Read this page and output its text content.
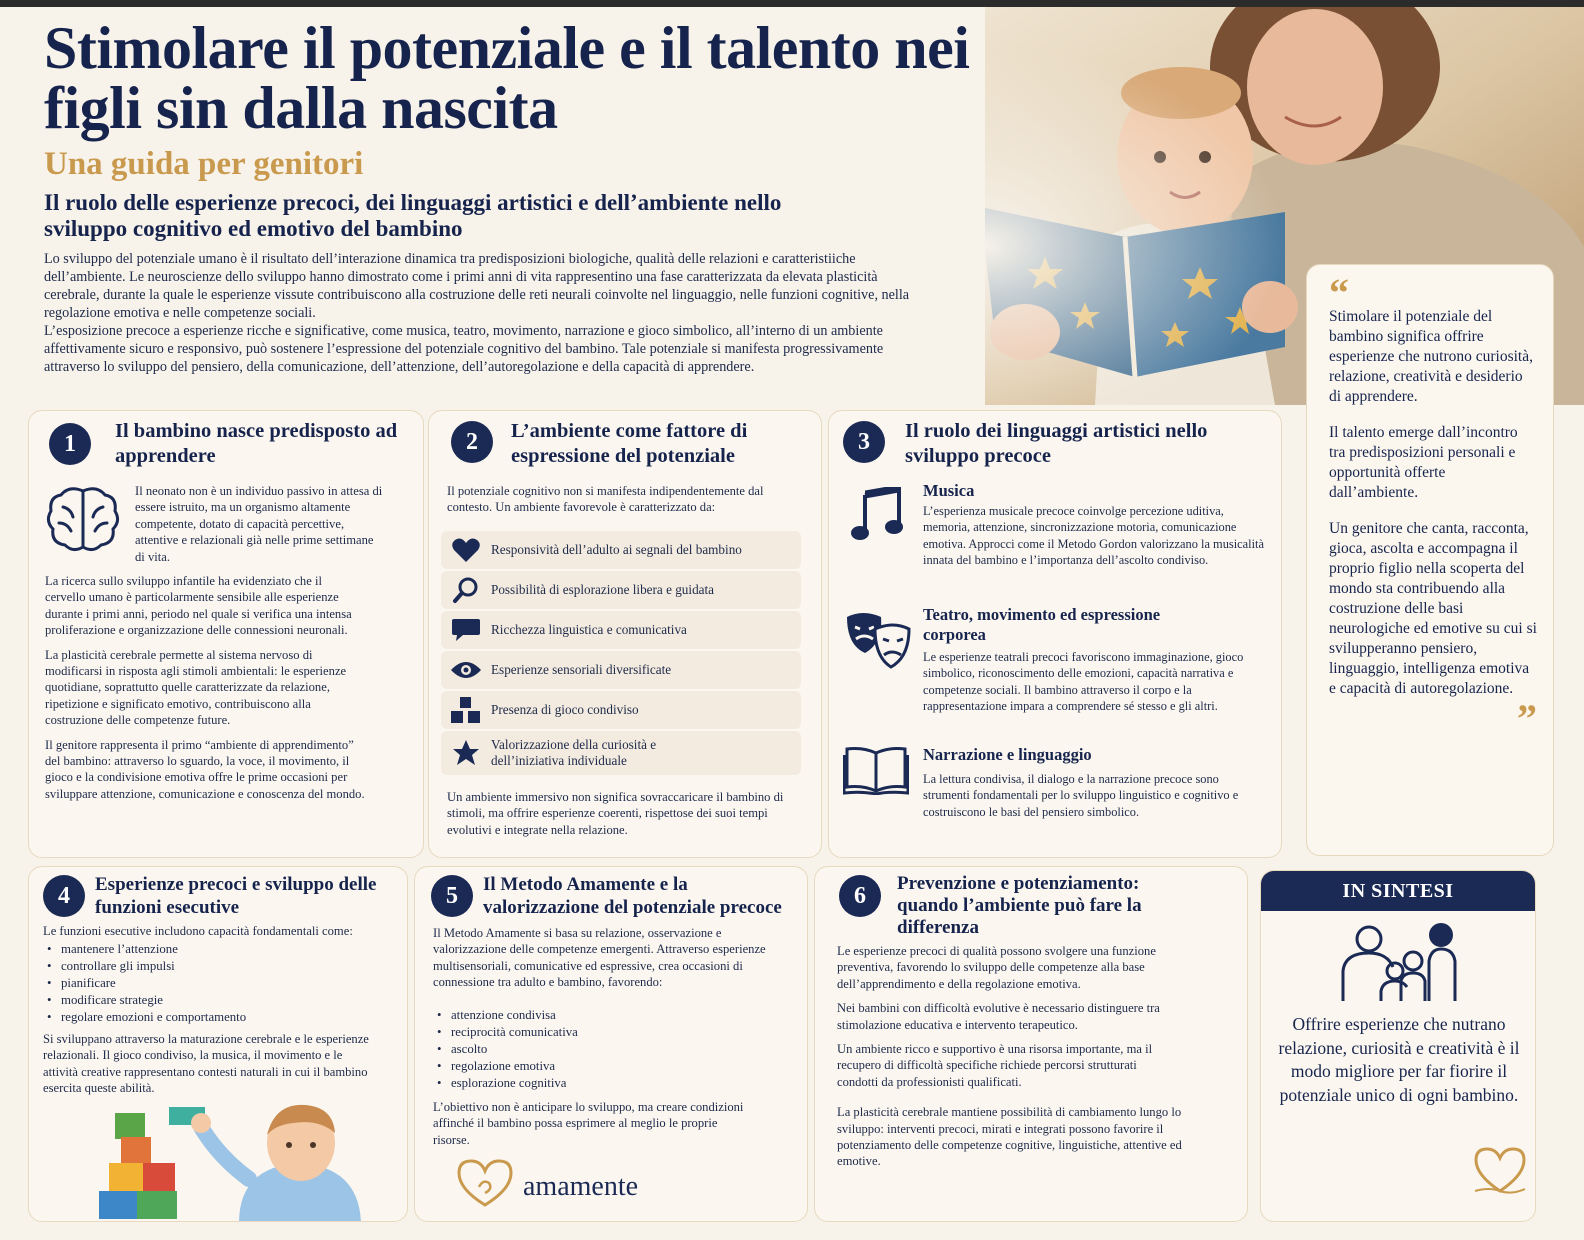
Stimolare il potenziale e il talento nei figli sin dalla nascita
Una guida per genitori
Il ruolo delle esperienze precoci, dei linguaggi artistici e dell’ambiente nello sviluppo cognitivo ed emotivo del bambino

Lo sviluppo del potenziale umano è il risultato dell’interazione dinamica tra predisposizioni biologiche, qualità delle relazioni e caratteristiiche dell’ambiente. Le neuroscienze dello sviluppo hanno dimostrato come i primi anni di vita rappresentino una fase caratterizzata da elevata plasticità cerebrale, durante la quale le esperienze vissute contribuiscono alla costruzione delle reti neurali coinvolte nel linguaggio, nelle funzioni cognitive, nella regolazione emotiva e nelle competenze sociali.

L’esposizione precoce a esperienze ricche e significative, come musica, teatro, movimento, narrazione e gioco simbolico, all’interno di un ambiente affettivamente sicuro e responsivo, può sostenere l’espressione del potenziale cognitivo del bambino. Tale potenziale si manifesta progressivamente attraverso lo sviluppo del pensiero, della comunicazione, dell’attenzione, dell’autoregolazione e della capacità di apprendere.

“

Stimolare il potenziale del bambino significa offrire esperienze che nutrono curiosità, relazione, creatività e desiderio di apprendere.

Il talento emerge dall’incontro tra predisposizioni personali e opportunità offerte dall’ambiente.

Un genitore che canta, racconta, gioca, ascolta e accompagna il proprio figlio nella scoperta del mondo sta contribuendo alla costruzione delle basi neurologiche ed emotive su cui si svilupperanno pensiero, linguaggio, intelligenza emotiva e capacità di autoregolazione.

”
1	Il bambino nasce predisposto ad apprendere
Il neonato non è un individuo passivo in attesa di essere istruito, ma un organismo altamente competente, dotato di capacità percettive, attentive e relazionali già nelle prime settimane di vita.

La ricerca sullo sviluppo infantile ha evidenziato che il cervello umano è particolarmente sensibile alle esperienze durante i primi anni, periodo nel quale si verifica una intensa proliferazione e organizzazione delle connessioni neuronali.

La plasticità cerebrale permette al sistema nervoso di modificarsi in risposta agli stimoli ambientali: le esperienze quotidiane, soprattutto quelle caratterizzate da relazione, ripetizione e significato emotivo, contribuiscono alla costruzione delle competenze future.

Il genitore rappresenta il primo “ambiente di apprendimento” del bambino: attraverso lo sguardo, la voce, il movimento, il gioco e la condivisione emotiva offre le prime occasioni per sviluppare attenzione, comunicazione e conoscenza del mondo.

2	L’ambiente come fattore di espressione del potenziale
Il potenziale cognitivo non si manifesta indipendentemente dal contesto. Un ambiente favorevole è caratterizzato da:
Responsività dell’adulto ai segnali del bambino
Possibilità di esplorazione libera e guidata
Ricchezza linguistica e comunicativa
Esperienze sensoriali diversificate
Presenza di gioco condiviso
Valorizzazione della curiosità e dell’iniziativa individuale
Un ambiente immersivo non significa sovraccaricare il bambino di stimoli, ma offrire esperienze coerenti, rispettose dei suoi tempi evolutivi e integrate nella relazione.
3	Il ruolo dei linguaggi artistici nello sviluppo precoce
Musica
L’esperienza musicale precoce coinvolge percezione uditiva, memoria, attenzione, sincronizzazione motoria, comunicazione emotiva. Approcci come il Metodo Gordon valorizzano la musicalità innata del bambino e l’importanza dell’ascolto condiviso.
Teatro, movimento ed espressione corporea
Le esperienze teatrali precoci favoriscono immaginazione, gioco simbolico, riconoscimento delle emozioni, capacità narrativa e competenze sociali. Il bambino attraverso il corpo e la rappresentazione impara a comprendere sé stesso e gli altri.
Narrazione e linguaggio
La lettura condivisa, il dialogo e la narrazione precoce sono strumenti fondamentali per lo sviluppo linguistico e cognitivo e costruiscono le basi del pensiero simbolico.
4	Esperienze precoci e sviluppo delle funzioni esecutive
Le funzioni esecutive includono capacità fondamentali come:
• mantenere l’attenzione
• controllare gli impulsi
• pianificare
• modificare strategie
• regolare emozioni e comportamento
Si sviluppano attraverso la maturazione cerebrale e le esperienze relazionali. Il gioco condiviso, la musica, il movimento e le attività creative rappresentano contesti naturali in cui il bambino esercita queste abilità.
5	Il Metodo Amamente e la valorizzazione del potenziale precoce
Il Metodo Amamente si basa su relazione, osservazione e valorizzazione delle competenze emergenti. Attraverso esperienze multisensoriali, comunicative ed espressive, crea occasioni di connessione tra adulto e bambino, favorendo:
• attenzione condivisa
• reciprocità comunicativa
• ascolto
• regolazione emotiva
• esplorazione cognitiva
L’obiettivo non è anticipare lo sviluppo, ma creare condizioni affinché il bambino possa esprimere al meglio le proprie risorse.
amamente
6	Prevenzione e potenziamento: quando l’ambiente può fare la differenza

Le esperienze precoci di qualità possono svolgere una funzione preventiva, favorendo lo sviluppo delle competenze alla base dell’apprendimento e della regolazione emotiva.

Nei bambini con difficoltà evolutive è necessario distinguere tra stimolazione educativa e intervento terapeutico.

Un ambiente ricco e supportivo è una risorsa importante, ma il recupero di difficoltà specifiche richiede percorsi strutturati condotti da professionisti qualificati.

La plasticità cerebrale mantiene possibilità di cambiamento lungo lo sviluppo: interventi precoci, mirati e integrati possono favorire il potenziamento delle competenze cognitive, linguistiche, attentive ed emotive.

IN SINTESI
Offrire esperienze che nutrano relazione, curiosità e creatività è il modo migliore per far fiorire il potenziale unico di ogni bambino.
